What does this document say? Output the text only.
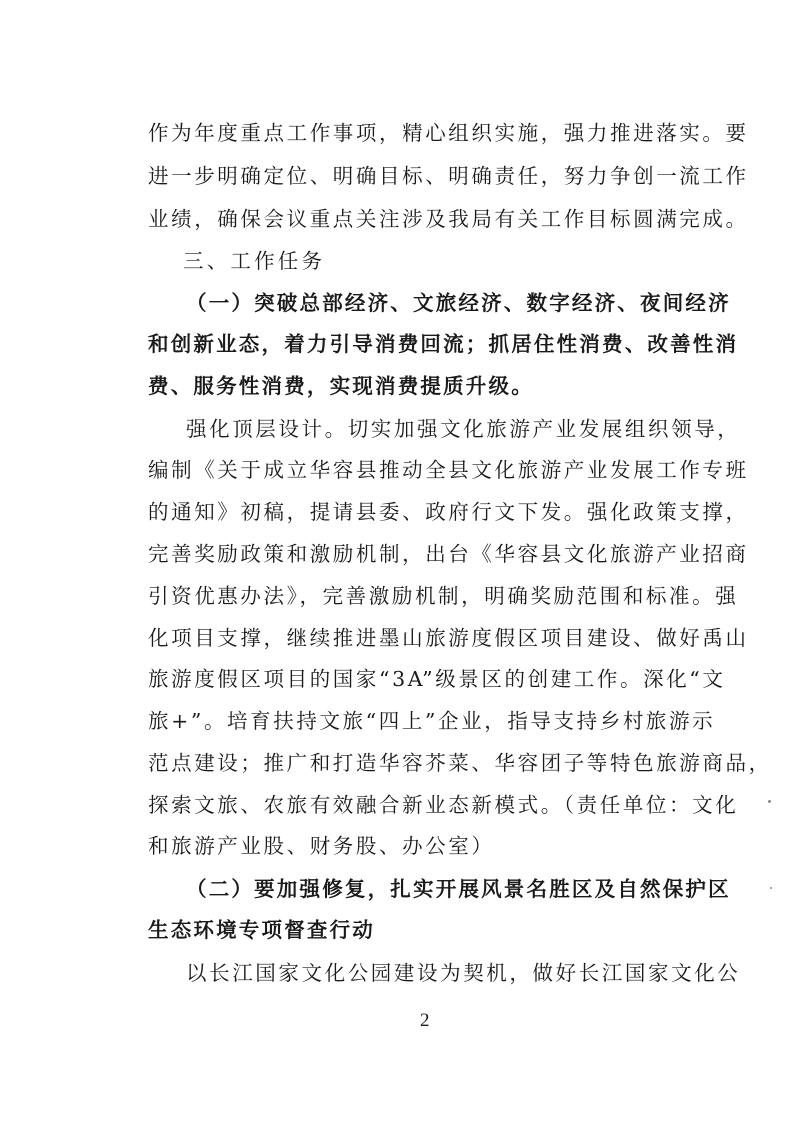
作为年度重点工作事项，精心组织实施，强力推进落实。要
进一步明确定位、明确目标、明确责任，努力争创一流工作
业绩，确保会议重点关注涉及我局有关工作目标圆满完成。
三、工作任务
（一）突破总部经济、文旅经济、数字经济、夜间经济
和创新业态，着力引导消费回流；抓居住性消费、改善性消
费、服务性消费，实现消费提质升级。
强化顶层设计。切实加强文化旅游产业发展组织领导，
编制《关于成立华容县推动全县文化旅游产业发展工作专班
的通知》初稿，提请县委、政府行文下发。强化政策支撑，
完善奖励政策和激励机制，出台《华容县文化旅游产业招商
引资优惠办法》，完善激励机制，明确奖励范围和标准。强
化项目支撑，继续推进墨山旅游度假区项目建设、做好禹山
旅游度假区项目的国家“3A”级景区的创建工作。深化“文
旅+”。培育扶持文旅“四上”企业，指导支持乡村旅游示
范点建设；推广和打造华容芥菜、华容团子等特色旅游商品，
探索文旅、农旅有效融合新业态新模式。（责任单位：文化
和旅游产业股、财务股、办公室）
（二）要加强修复，扎实开展风景名胜区及自然保护区
生态环境专项督查行动
以长江国家文化公园建设为契机，做好长江国家文化公
2
